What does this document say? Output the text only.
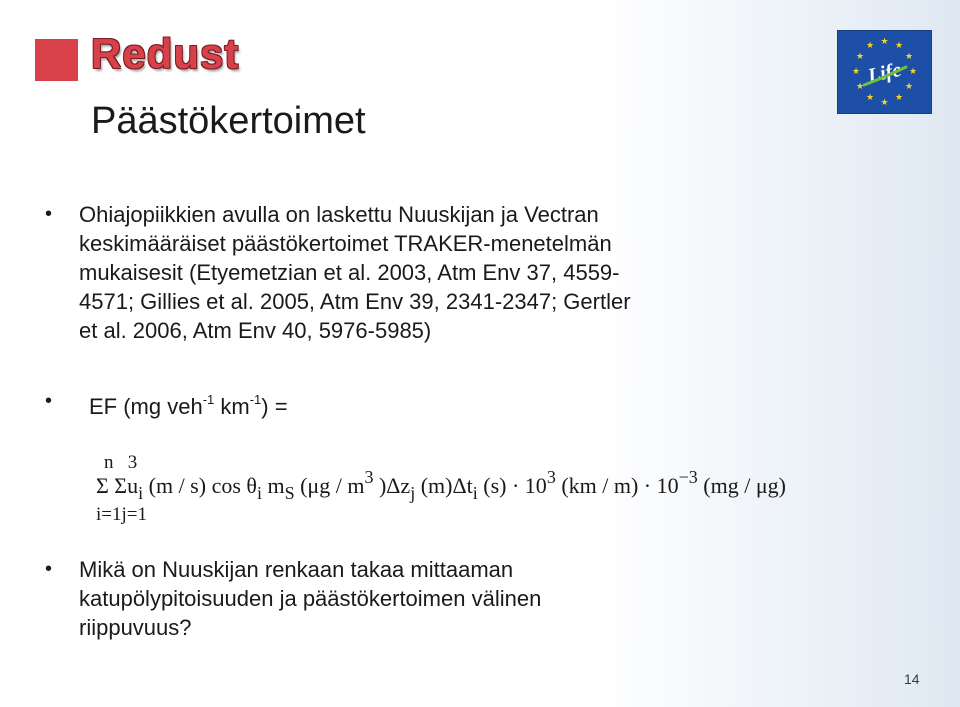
Redust	★ ★
★
★
★
★
★
★
★
★
★
★
Life
Päästökertoimet
• Ohiajopiikkien avulla on laskettu Nuuskijan ja Vectran keskimääräiset päästökertoimet TRAKER-menetelmän mukaisesit (Etyemetzian et al. 2003, Atm Env 37, 4559-4571; Gillies et al. 2005, Atm Env 39, 2341-2347; Gertler et al. 2006, Atm Env 40, 5976-5985)
• EF (mg veh$^{-1}$ $km^{-1}$) =
n   3
Σ $\Sigma u_i$ (m / s) $\cos \theta_i$ $m_S$ ($\mu g / m^3$ )$\Delta z_j$ $(m)\Delta t_i$ $(s) \cdot 10^3$ $(km / m) \cdot 10^{-3}$ (mg / μg)
i=1j=1
• Mikä on Nuuskijan renkaan takaa mittaaman katupölypitoisuuden ja päästökertoimen välinen riippuvuus?
14
